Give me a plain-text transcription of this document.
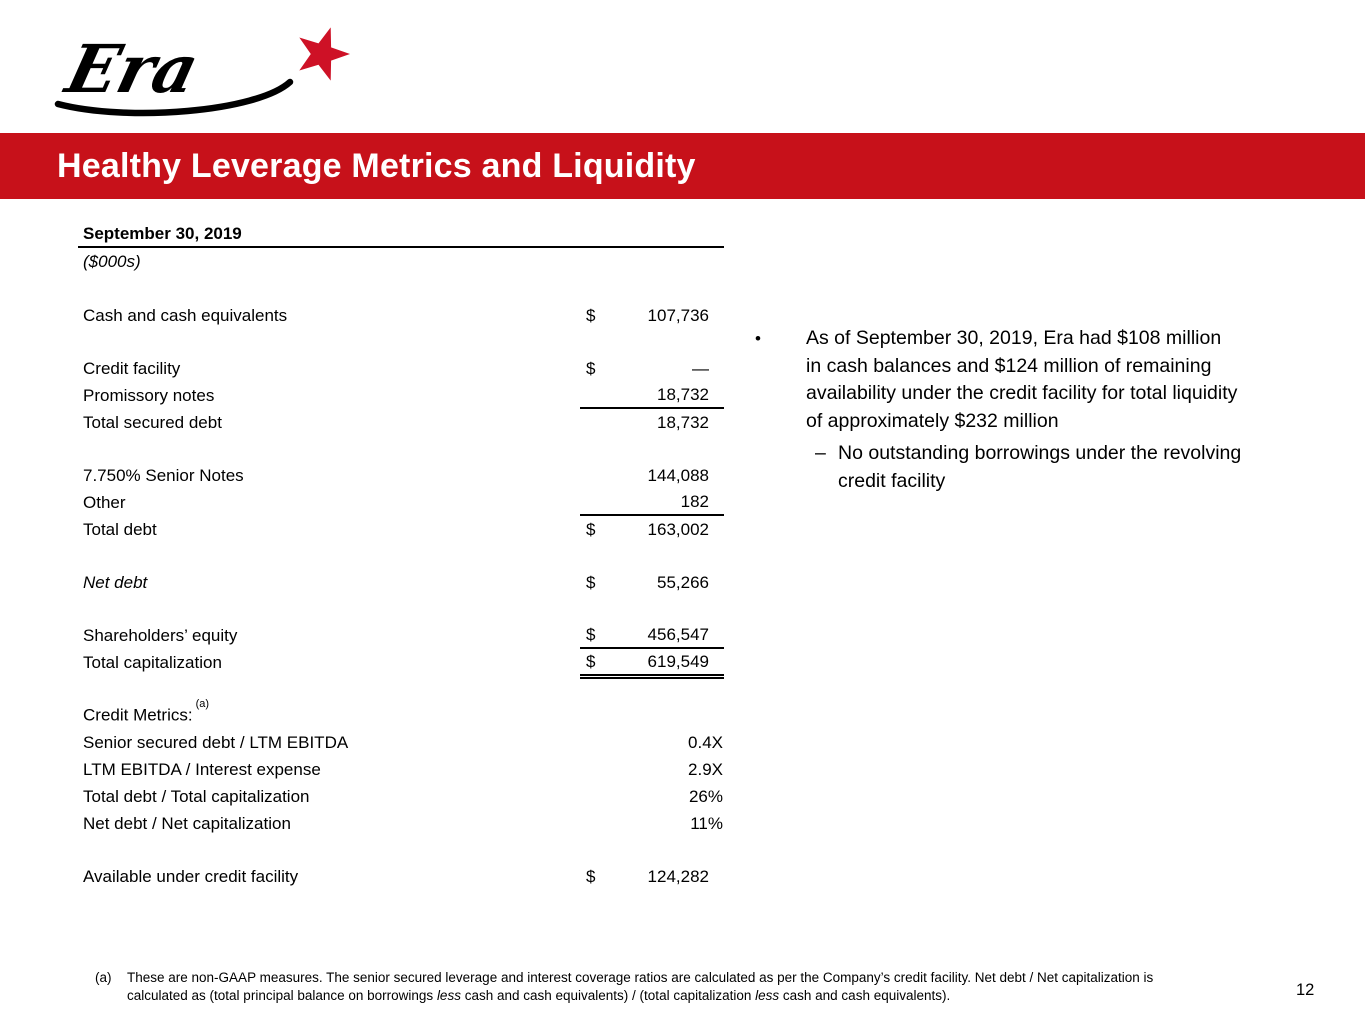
Era
Healthy Leverage Metrics and Liquidity
September 30, 2019
($000s)
Cash and cash equivalents	$	107,736
Credit facility	$	—
Promissory notes	18,732
Total secured debt	18,732
7.750% Senior Notes	144,088
Other	182
Total debt	$	163,002
Net debt	$	55,266
Shareholders’ equity	$	456,547
Total capitalization	$	619,549
Credit Metrics:$^{(a)}$
Senior secured debt / LTM EBITDA	0.4X
LTM EBITDA / Interest expense	2.9X
Total debt / Total capitalization	26%
Net debt / Net capitalization	11%
Available under credit facility	$	124,282
• As of September 30, 2019, Era had $108 million
in cash balances and $124 million of remaining
availability under the credit facility for total liquidity
of approximately $232 million
– No outstanding borrowings under the revolving
credit facility
(a) These are non-GAAP measures. The senior secured leverage and interest coverage ratios are calculated as per the Company’s credit facility. Net debt / Net capitalization is
calculated as (total principal balance on borrowings less cash and cash equivalents) / (total capitalization less cash and cash equivalents).	12
